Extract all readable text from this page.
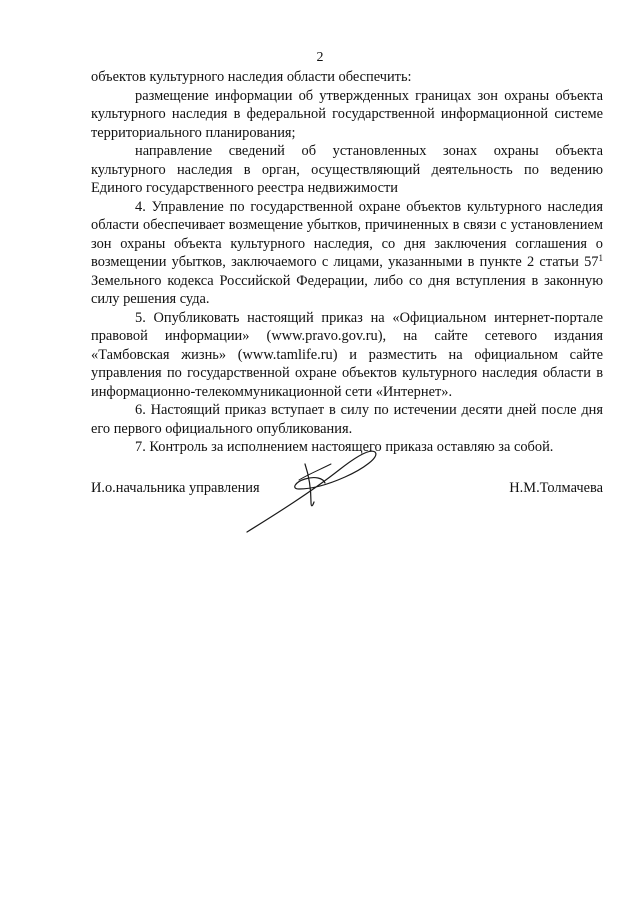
2

объектов культурного наследия области обеспечить:

размещение информации об утвержденных границах зон охраны объекта культурного наследия в федеральной государственной информационной системе территориального планирования;

направление сведений об установленных зонах охраны объекта культурного наследия в орган, осуществляющий деятельность по ведению Единого государственного реестра недвижимости

4. Управление по государственной охране объектов культурного наследия области обеспечивает возмещение убытков, причиненных в связи с установлением зон охраны объекта культурного наследия, со дня заключения соглашения о возмещении убытков, заключаемого с лицами, указанными в пункте 2 статьи $57^1$ Земельного кодекса Российской Федерации, либо со дня вступления в законную силу решения суда.

5. Опубликовать настоящий приказ на «Официальном интернет-портале правовой информации» (www.pravo.gov.ru), на сайте сетевого издания «Тамбовская жизнь» (www.tamlife.ru) и разместить на официальном сайте управления по государственной охране объектов культурного наследия области в информационно-телекоммуникационной сети «Интернет».

6. Настоящий приказ вступает в силу по истечении десяти дней после дня его первого официального опубликования.

7. Контроль за исполнением настоящего приказа оставляю за собой.

И.о.начальника управления	Н.М.Толмачева
